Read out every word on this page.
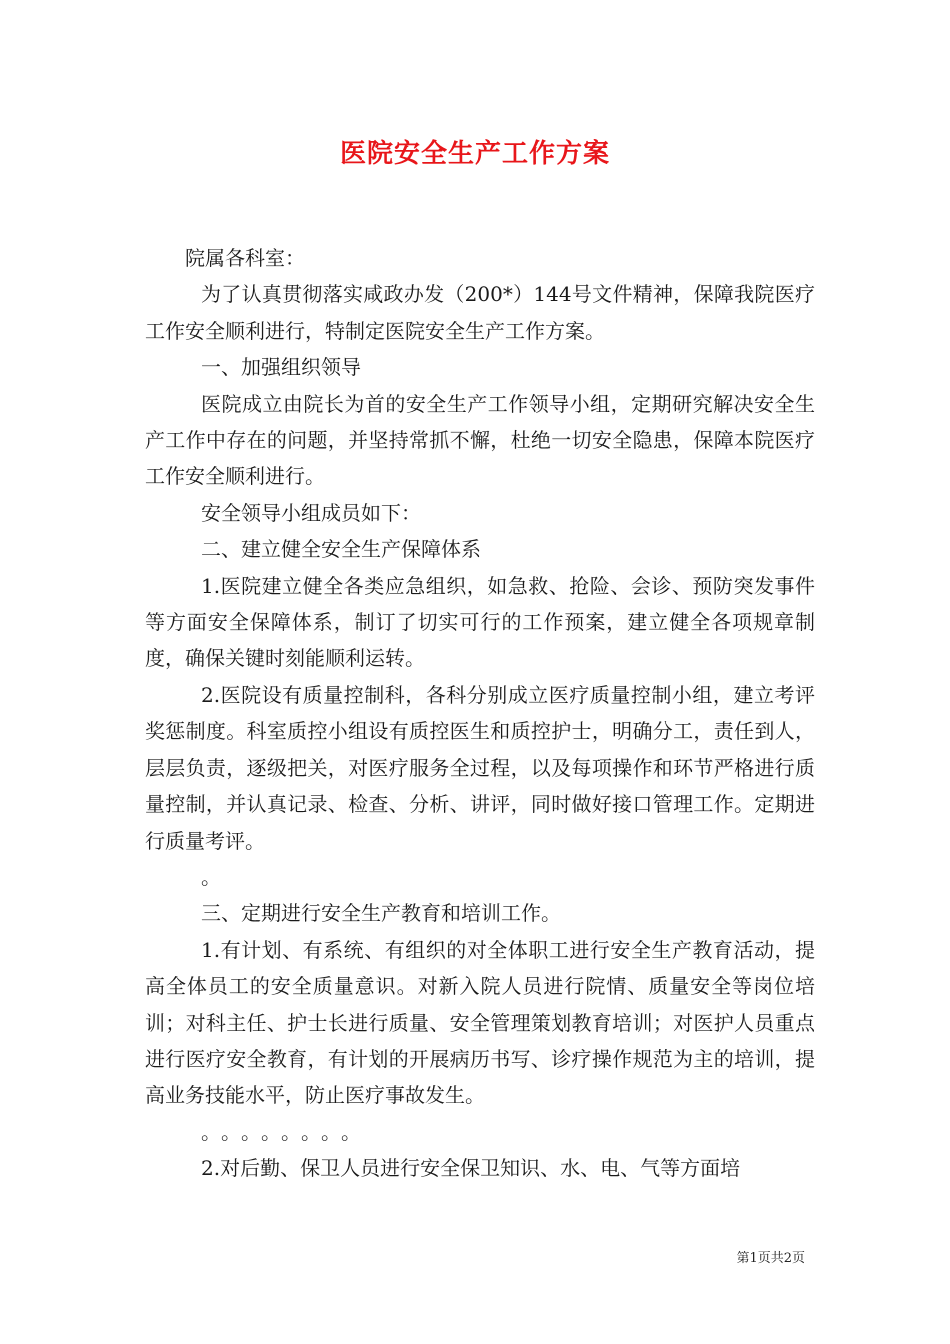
医院安全生产工作方案

院属各科室：

为了认真贯彻落实咸政办发（200*）144号文件精神，保障我院医疗工作安全顺利进行，特制定医院安全生产工作方案。

一、加强组织领导

医院成立由院长为首的安全生产工作领导小组，定期研究解决安全生产工作中存在的问题，并坚持常抓不懈，杜绝一切安全隐患，保障本院医疗工作安全顺利进行。

安全领导小组成员如下：

二、建立健全安全生产保障体系

1.医院建立健全各类应急组织，如急救、抢险、会诊、预防突发事件等方面安全保障体系，制订了切实可行的工作预案，建立健全各项规章制度，确保关键时刻能顺利运转。

2.医院设有质量控制科，各科分别成立医疗质量控制小组，建立考评奖惩制度。科室质控小组设有质控医生和质控护士，明确分工，责任到人，层层负责，逐级把关，对医疗服务全过程，以及每项操作和环节严格进行质量控制，并认真记录、检查、分析、讲评，同时做好接口管理工作。定期进行质量考评。

。

三、定期进行安全生产教育和培训工作。

1.有计划、有系统、有组织的对全体职工进行安全生产教育活动，提高全体员工的安全质量意识。对新入院人员进行院情、质量安全等岗位培训；对科主任、护士长进行质量、安全管理策划教育培训；对医护人员重点进行医疗安全教育，有计划的开展病历书写、诊疗操作规范为主的培训，提高业务技能水平，防止医疗事故发生。

。。。。。。。。

2.对后勤、保卫人员进行安全保卫知识、水、电、气等方面培

第1页共2页
